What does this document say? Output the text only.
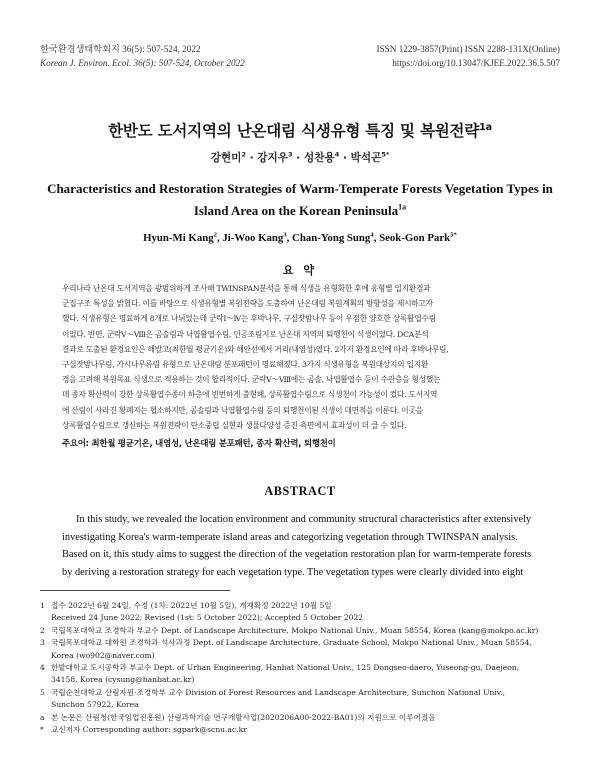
한국환경생태학회지 36(5): 507-524, 2022
Korean J. Environ. Ecol. 36(5): 507-524, October 2022
ISSN 1229-3857(Print) ISSN 2288-131X(Online)
https://doi.org/10.13047/KJEE.2022.36.5.507
한반도 도서지역의 난온대림 식생유형 특징 및 복원전략$^{1a}$
강현미$^2$ · 강지우$^3$ · 성찬용$^4$ · 박석곤$^{5*}$
Characteristics and Restoration Strategies of Warm-Temperate Forests Vegetation Types in
Island Area on the Korean Peninsula$^{1a}$
Hyun-Mi Kang$^2$, Ji-Woo Kang$^3$, Chan-Yong Sung$^4$, Seok-Gon Park$^{5*}$
요 약
우리나라 난온대 도서지역을 광범위하게 조사해 TWINSPAN분석을 통해 식생을 유형화한 후에 유형별 입지환경과
군집구조 특성을 밝혔다. 이를 바탕으로 식생유형별 복원전략을 도출하여 난온대림 복원계획의 방향성을 제시하고자
했다. 식생유형은 명료하게 8개로 나뉘었는데 군락Ⅰ～Ⅳ는 후박나무, 구실잣밤나무 등이 우점한 양호한 상록활엽수림
이었다. 반면, 군락Ⅴ～Ⅷ은 곰솔림과 낙엽활엽수림, 인공조림지로 난온대 지역의 퇴행천이 식생이었다. DCA분석
결과로 도출된 환경요인은 해발고(최한월 평균기온)와 해안선에서 거리(내염성)였다. 2가지 환경요인에 따라 후박나무림,
구실잣밤나무림, 가시나무류림 유형으로 난온대림 분포패턴이 명료해졌다. 3가지 식생유형을 복원대상지의 입지환
경을 고려해 복원목표 식생으로 적용하는 것이 합리적이다. 군락Ⅴ～Ⅷ에는 곰솔, 낙엽활엽수 등이 수관층을 형성했는
데 종자 확산력이 강한 상록활엽수종이 하층에 빈번하게 출현해, 상록활엽수림으로 식생천이 가능성이 컸다. 도서지역
에 산림이 사라진 황폐지는 협소하지만, 곰솔림과 낙엽활엽수림 등의 퇴행천이된 식생이 대면적을 이룬다. 이곳을
상록활엽수림으로 갱신하는 복원전략이 탄소중립 실현과 생물다양성 증진 측면에서 효과성이 더 클 수 있다.
주요어: 최한월 평균기온, 내염성, 난온대림 분포패턴, 종자 확산력, 퇴행천이
ABSTRACT
In this study, we revealed the location environment and community structural characteristics after extensively
investigating Korea's warm-temperate island areas and categorizing vegetation through TWINSPAN analysis.
Based on it, this study aims to suggest the direction of the vegetation restoration plan for warm-temperate forests
by deriving a restoration strategy for each vegetation type. The vegetation types were clearly divided into eight
1 접수 2022년 6월 24일, 수정 (1차: 2022년 10월 5일), 게재확정 2022년 10월 5일
Received 24 June 2022; Revised (1st: 5 October 2022); Accepted 5 October 2022
2 국립목포대학교 조경학과 부교수 Dept. of Landscape Architecture, Mokpo National Univ., Muan 58554, Korea (kang@mokpo.ac.kr)
3 국립목포대학교 대학원 조경학과 석사과정 Dept. of Landscape Architecture, Graduate School, Mokpo National Univ., Muan 58554,
Korea (wo902@naver.com)
4 한밭대학교 도시공학과 부교수 Dept. of Urban Engineering, Hanbat National Univ., 125 Dongseo-daero, Yuseong-gu, Daejeon,
34158, Korea (cysung@hanbat.ac.kr)
5 국립순천대학교 산림자원·조경학부 교수 Division of Forest Resources and Landscape Architecture, Sunchon National Univ.,
Sunchon 57922, Korea
a 본 논문은 산림청(한국임업진흥원) 산림과학기술 연구개발사업(2020206A00-2022-BA01)의 지원으로 이루어졌음
* 교신저자 Corresponding author: sgpark@scnu.ac.kr
